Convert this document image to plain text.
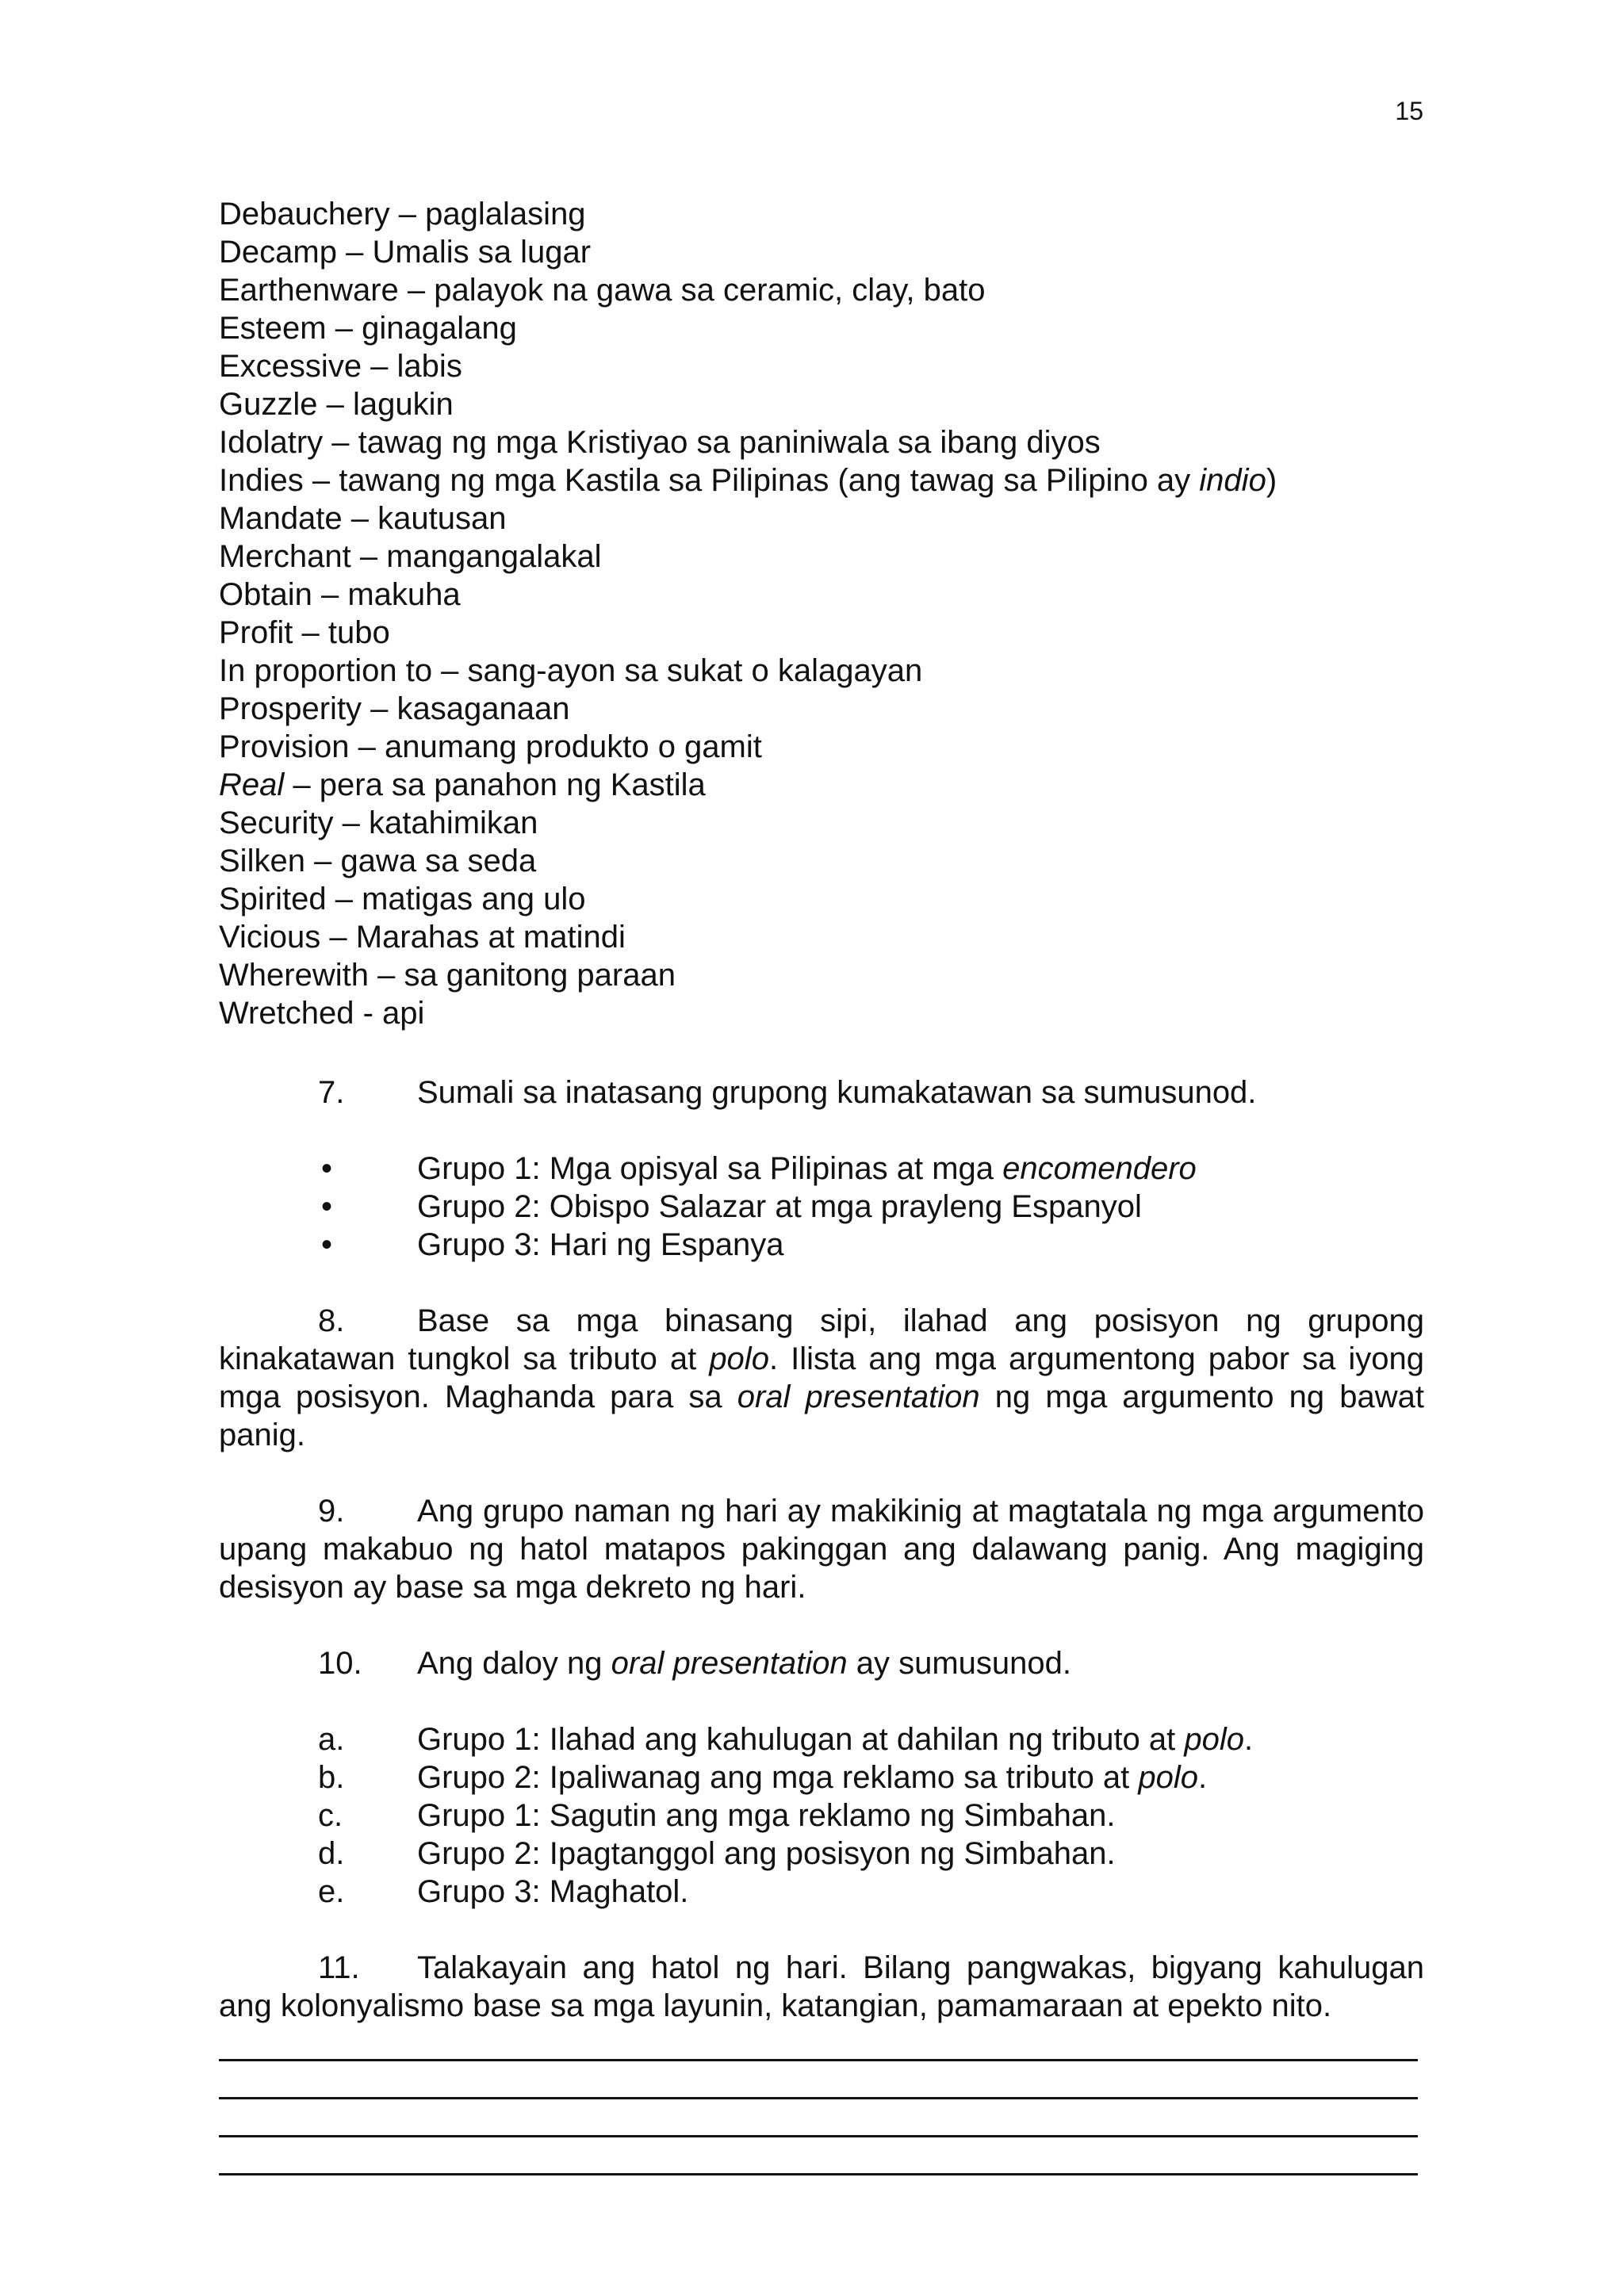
15
Debauchery – paglalasing
Decamp – Umalis sa lugar
Earthenware – palayok na gawa sa ceramic, clay, bato
Esteem – ginagalang
Excessive – labis
Guzzle – lagukin
Idolatry – tawag ng mga Kristiyao sa paniniwala sa ibang diyos
Indies – tawang ng mga Kastila sa Pilipinas (ang tawag sa Pilipino ay indio)
Mandate – kautusan
Merchant – mangangalakal
Obtain – makuha
Profit – tubo
In proportion to – sang-ayon sa sukat o kalagayan
Prosperity – kasaganaan
Provision – anumang produkto o gamit
Real – pera sa panahon ng Kastila
Security – katahimikan
Silken – gawa sa seda
Spirited – matigas ang ulo
Vicious – Marahas at matindi
Wherewith – sa ganitong paraan
Wretched - api

7. Sumali sa inatasang grupong kumakatawan sa sumusunod.

•	Grupo 1: Mga opisyal sa Pilipinas at mga encomendero
•	Grupo 2: Obispo Salazar at mga prayleng Espanyol
•	Grupo 3: Hari ng Espanya

8. Base sa mga binasang sipi, ilahad ang posisyon ng grupong kinakatawan tungkol sa tributo at polo. Ilista ang mga argumentong pabor sa iyong mga posisyon. Maghanda para sa oral presentation ng mga argumento ng bawat panig.

9. Ang grupo naman ng hari ay makikinig at magtatala ng mga argumento upang makabuo ng hatol matapos pakinggan ang dalawang panig. Ang magiging desisyon ay base sa mga dekreto ng hari.

10. Ang daloy ng oral presentation ay sumusunod.

a. Grupo 1: Ilahad ang kahulugan at dahilan ng tributo at polo.
b. Grupo 2: Ipaliwanag ang mga reklamo sa tributo at polo.
c. Grupo 1: Sagutin ang mga reklamo ng Simbahan.
d. Grupo 2: Ipagtanggol ang posisyon ng Simbahan.
e. Grupo 3: Maghatol.

11. Talakayain ang hatol ng hari. Bilang pangwakas, bigyang kahulugan ang kolonyalismo base sa mga layunin, katangian, pamamaraan at epekto nito.
